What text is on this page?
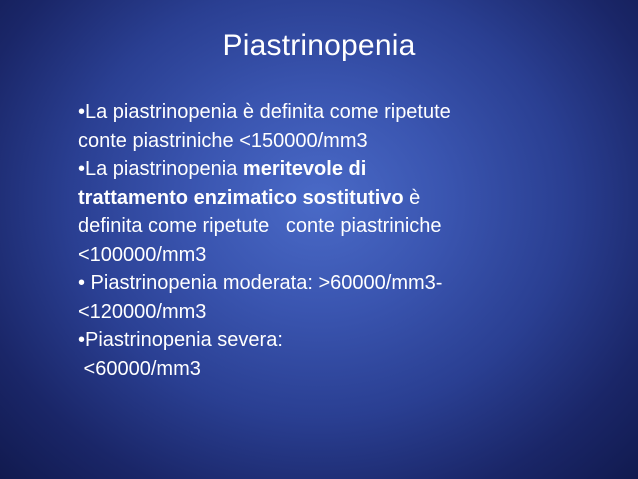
Piastrinopenia
•La piastrinopenia è definita come ripetute
conte piastriniche <150000/mm3
•La piastrinopenia meritevole di
trattamento enzimatico sostitutivo è
definita come ripetute   conte piastriniche
<100000/mm3
• Piastrinopenia moderata: >60000/mm3-
<120000/mm3
•Piastrinopenia severa:
<60000/mm3
